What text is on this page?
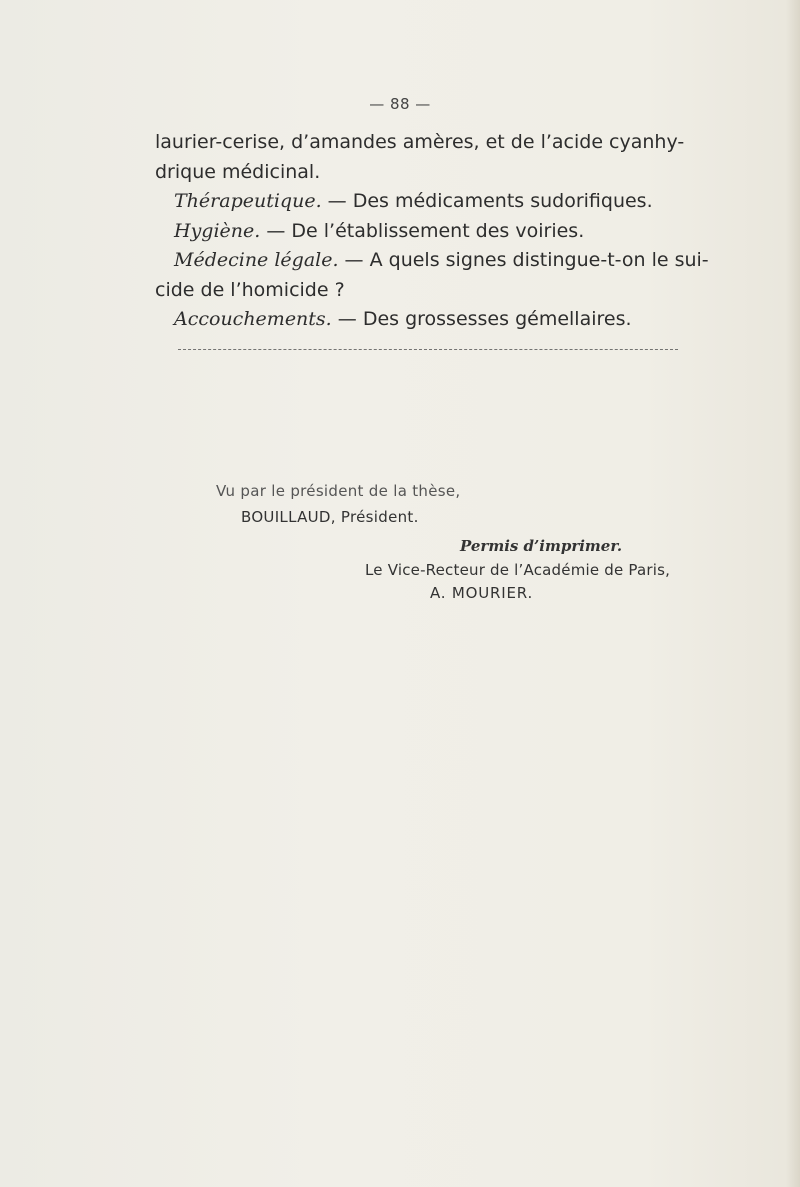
— 88 —
laurier-cerise, d’amandes amères, et de l’acide cyanhy-
drique médicinal.
Thérapeutique. — Des médicaments sudorifiques.
Hygiène. — De l’établissement des voiries.
Médecine légale. — A quels signes distingue-t-on le sui-
cide de l’homicide ?
Accouchements. — Des grossesses gémellaires.
Vu par le président de la thèse,
BOUILLAUD, Président.
Permis d’imprimer.
Le Vice-Recteur de l’Académie de Paris,
A. MOURIER.
